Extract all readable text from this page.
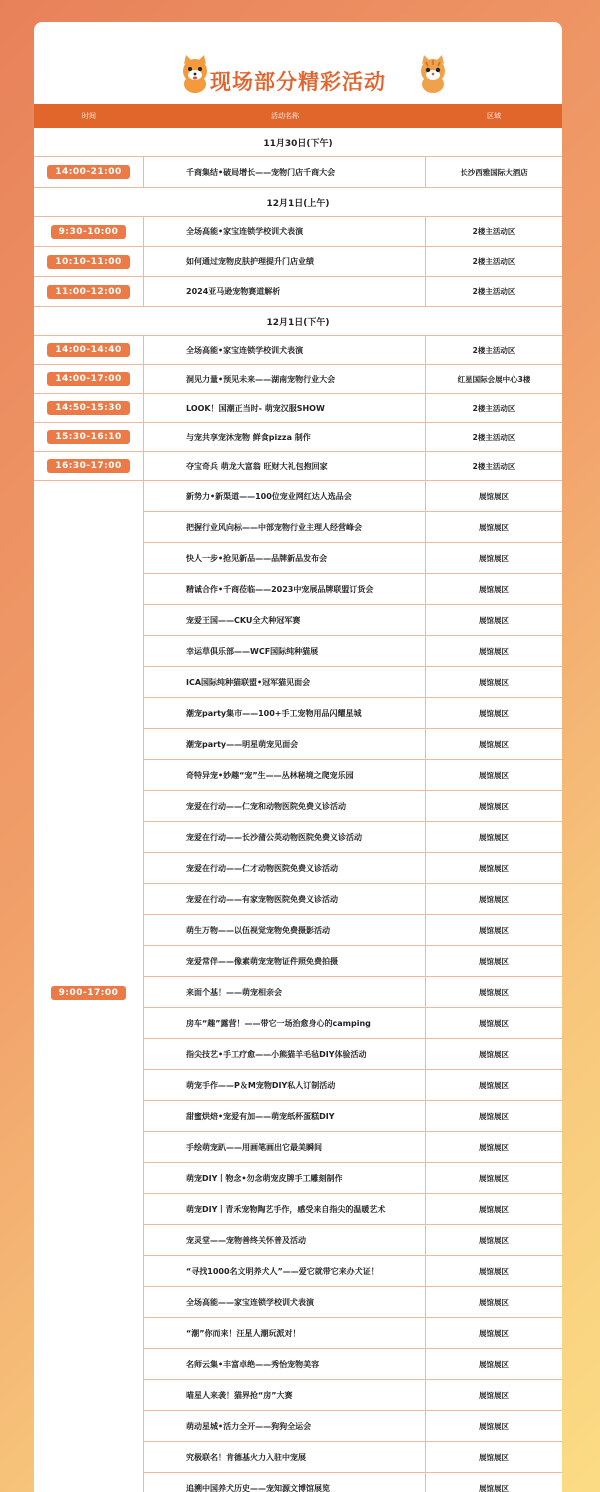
现场部分精彩活动
时间	活动名称	区域
11月30日(下午)
14:00-21:00	千商集结•破局增长——宠物门店千商大会	长沙西雅国际大酒店
12月1日(上午)
9:30-10:00	全场高能•家宝连锁学校训犬表演	2楼主活动区
10:10-11:00	如何通过宠物皮肤护理提升门店业绩	2楼主活动区
11:00-12:00	2024亚马逊宠物赛道解析	2楼主活动区
12月1日(下午)
14:00-14:40	全场高能•家宝连锁学校训犬表演	2楼主活动区
14:00-17:00	洞见力量•预见未来——湖南宠物行业大会	红星国际会展中心3楼
14:50-15:30	LOOK！国潮正当时- 萌宠汉服SHOW	2楼主活动区
15:30-16:10	与宠共享宠沐宠物 鲜食pizza 制作	2楼主活动区
16:30-17:00	夺宝奇兵 萌龙大富翁 旺财大礼包抱回家	2楼主活动区
9:00-17:00
新势力•新渠道——100位宠业网红达人选品会	展馆展区
把握行业风向标——中部宠物行业主理人经营峰会	展馆展区
快人一步•抢见新品——品牌新品发布会	展馆展区
精诚合作•千商莅临——2023中宠展品牌联盟订货会	展馆展区
宠爱王国——CKU全犬种冠军赛	展馆展区
幸运草俱乐部——WCF国际纯种猫展	展馆展区
ICA国际纯种猫联盟•冠军猫见面会	展馆展区
潮宠party集市——100+手工宠物用品闪耀星城	展馆展区
潮宠party——明星萌宠见面会	展馆展区
奇特异宠•妙趣“宠”生——丛林秘境之爬宠乐园	展馆展区
宠爱在行动——仁宠和动物医院免费义诊活动	展馆展区
宠爱在行动——长沙蒲公英动物医院免费义诊活动	展馆展区
宠爱在行动——仁才动物医院免费义诊活动	展馆展区
宠爱在行动——有家宠物医院免费义诊活动	展馆展区
萌生万物——以伍视觉宠物免费摄影活动	展馆展区
宠爱常伴——像素萌宠宠物证件照免费拍摄	展馆展区
来面个基！——萌宠相亲会	展馆展区
房车“趣”露营！——带它一场治愈身心的camping	展馆展区
指尖技艺•手工疗愈——小熊猫羊毛毡DIY体验活动	展馆展区
萌宠手作——P＆M宠物DIY私人订制活动	展馆展区
甜蜜烘焙•宠爱有加——萌宠纸杯蛋糕DIY	展馆展区
手绘萌宠趴——用画笔画出它最美瞬间	展馆展区
萌宠DIY丨物念•勿念萌宠皮牌手工雕刻制作	展馆展区
萌宠DIY丨青禾宠物陶艺手作，感受来自指尖的温暖艺术	展馆展区
宠灵堂——宠物善终关怀普及活动	展馆展区
“寻找1000名文明养犬人”——爱它就带它来办犬证！	展馆展区
全场高能——家宝连锁学校训犬表演	展馆展区
“潮”你而来！汪星人潮玩派对！	展馆展区
名师云集•丰富卓绝——秀怡宠物美容	展馆展区
喵星人来袭！猫界抢“房”大赛	展馆展区
萌动星城•活力全开——狗狗全运会	展馆展区
究极联名！肯德基火力入驻中宠展	展馆展区
追溯中国养犬历史——宠知源文博馆展览	展馆展区
